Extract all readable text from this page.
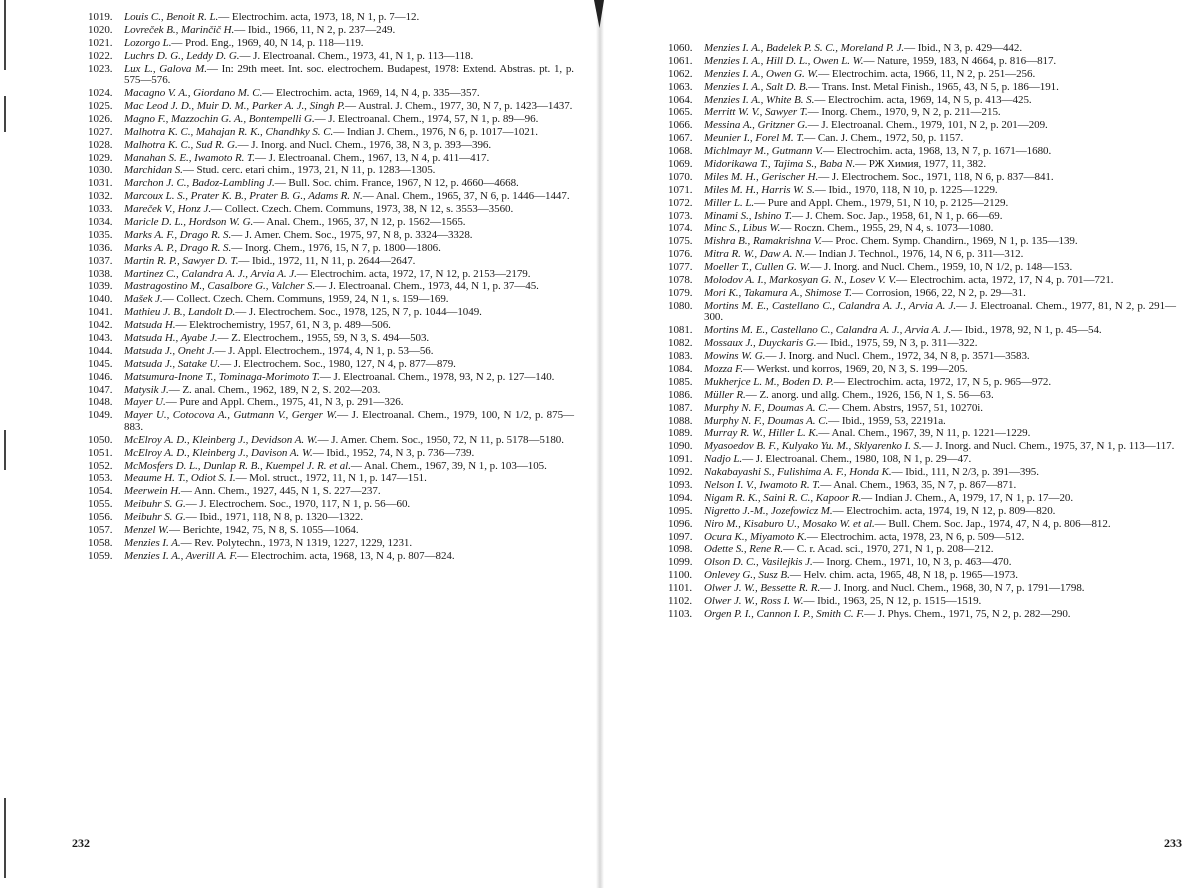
1019.	Louis C., Benoit R. L.— Electrochim. acta, 1973, 18, N 1, p. 7—12.
1020.	Lovreček B., Marinčič H.— Ibid., 1966, 11, N 2, p. 237—249.
1021.	Lozorgo L.— Prod. Eng., 1969, 40, N 14, p. 118—119.
1022.	Luchrs D. G., Leddy D. G.— J. Electroanal. Chem., 1973, 41, N 1, p. 113—118.
1023.	Lux L., Galova M.— In: 29th meet. Int. soc. electrochem. Budapest, 1978: Extend. Abstras. pt. 1, p. 575—576.
1024.	Macagno V. A., Giordano M. C.— Electrochim. acta, 1969, 14, N 4, p. 335—357.
1025.	Mac Leod J. D., Muir D. M., Parker A. J., Singh P.— Austral. J. Chem., 1977, 30, N 7, p. 1423—1437.
1026.	Magno F., Mazzochin G. A., Bontempelli G.— J. Electroanal. Chem., 1974, 57, N 1, p. 89—96.
1027.	Malhotra K. C., Mahajan R. K., Chandhky S. C.— Indian J. Chem., 1976, N 6, p. 1017—1021.
1028.	Malhotra K. C., Sud R. G.— J. Inorg. and Nucl. Chem., 1976, 38, N 3, p. 393—396.
1029.	Manahan S. E., Iwamoto R. T.— J. Electroanal. Chem., 1967, 13, N 4, p. 411—417.
1030.	Marchidan S.— Stud. cerc. etari chim., 1973, 21, N 11, p. 1283—1305.
1031.	Marchon J. C., Badoz-Lambling J.— Bull. Soc. chim. France, 1967, N 12, p. 4660—4668.
1032.	Marcoux L. S., Prater K. B., Prater B. G., Adams R. N.— Anal. Chem., 1965, 37, N 6, p. 1446—1447.
1033.	Mareček V., Honz J.— Collect. Czech. Chem. Communs, 1973, 38, N 12, s. 3553—3560.
1034.	Maricle D. L., Hordson W. G.— Anal. Chem., 1965, 37, N 12, p. 1562—1565.
1035.	Marks A. F., Drago R. S.— J. Amer. Chem. Soc., 1975, 97, N 8, p. 3324—3328.
1036.	Marks A. P., Drago R. S.— Inorg. Chem., 1976, 15, N 7, p. 1800—1806.
1037.	Martin R. P., Sawyer D. T.— Ibid., 1972, 11, N 11, p. 2644—2647.
1038.	Martinez C., Calandra A. J., Arvia A. J.— Electrochim. acta, 1972, 17, N 12, p. 2153—2179.
1039.	Mastragostino M., Casalbore G., Valcher S.— J. Electroanal. Chem., 1973, 44, N 1, p. 37—45.
1040.	Mašek J.— Collect. Czech. Chem. Communs, 1959, 24, N 1, s. 159—169.
1041.	Mathieu J. B., Landolt D.— J. Electrochem. Soc., 1978, 125, N 7, p. 1044—1049.
1042.	Matsuda H.— Elektrochemistry, 1957, 61, N 3, p. 489—506.
1043.	Matsuda H., Ayabe J.— Z. Electrochem., 1955, 59, N 3, S. 494—503.
1044.	Matsuda J., Oneht J.— J. Appl. Electrochem., 1974, 4, N 1, p. 53—56.
1045.	Matsuda J., Satake U.— J. Electrochem. Soc., 1980, 127, N 4, p. 877—879.
1046.	Matsumura-Inone T., Tominaga-Morimoto T.— J. Electroanal. Chem., 1978, 93, N 2, p. 127—140.
1047.	Matysik J.— Z. anal. Chem., 1962, 189, N 2, S. 202—203.
1048.	Mayer U.— Pure and Appl. Chem., 1975, 41, N 3, p. 291—326.
1049.	Mayer U., Cotocova A., Gutmann V., Gerger W.— J. Electroanal. Chem., 1979, 100, N 1/2, p. 875—883.
1050.	McElroy A. D., Kleinberg J., Devidson A. W.— J. Amer. Chem. Soc., 1950, 72, N 11, p. 5178—5180.
1051.	McElroy A. D., Kleinberg J., Davison A. W.— Ibid., 1952, 74, N 3, p. 736—739.
1052.	McMosfers D. L., Dunlap R. B., Kuempel J. R. et al.— Anal. Chem., 1967, 39, N 1, p. 103—105.
1053.	Meaume H. T., Odiot S. I.— Mol. struct., 1972, 11, N 1, p. 147—151.
1054.	Meerwein H.— Ann. Chem., 1927, 445, N 1, S. 227—237.
1055.	Meibuhr S. G.— J. Electrochem. Soc., 1970, 117, N 1, p. 56—60.
1056.	Meibuhr S. G.— Ibid., 1971, 118, N 8, p. 1320—1322.
1057.	Menzel W.— Berichte, 1942, 75, N 8, S. 1055—1064.
1058.	Menzies I. A.— Rev. Polytechn., 1973, N 1319, 1227, 1229, 1231.
1059.	Menzies I. A., Averill A. F.— Electrochim. acta, 1968, 13, N 4, p. 807—824.
232
1060.	Menzies I. A., Badelek P. S. C., Moreland P. J.— Ibid., N 3, p. 429—442.
1061.	Menzies I. A., Hill D. L., Owen L. W.— Nature, 1959, 183, N 4664, p. 816—817.
1062.	Menzies I. A., Owen G. W.— Electrochim. acta, 1966, 11, N 2, p. 251—256.
1063.	Menzies I. A., Salt D. B.— Trans. Inst. Metal Finish., 1965, 43, N 5, p. 186—191.
1064.	Menzies I. A., White B. S.— Electrochim. acta, 1969, 14, N 5, p. 413—425.
1065.	Merritt W. V., Sawyer T.— Inorg. Chem., 1970, 9, N 2, p. 211—215.
1066.	Messina A., Gritzner G.— J. Electroanal. Chem., 1979, 101, N 2, p. 201—209.
1067.	Meunier I., Forel M. T.— Can. J. Chem., 1972, 50, p. 1157.
1068.	Michlmayr M., Gutmann V.— Electrochim. acta, 1968, 13, N 7, p. 1671—1680.
1069.	Midorikawa T., Tajima S., Baba N.— РЖ Химия, 1977, 11, 382.
1070.	Miles M. H., Gerischer H.— J. Electrochem. Soc., 1971, 118, N 6, p. 837—841.
1071.	Miles M. H., Harris W. S.— Ibid., 1970, 118, N 10, p. 1225—1229.
1072.	Miller L. L.— Pure and Appl. Chem., 1979, 51, N 10, p. 2125—2129.
1073.	Minami S., Ishino T.— J. Chem. Soc. Jap., 1958, 61, N 1, p. 66—69.
1074.	Minc S., Libus W.— Roczn. Chem., 1955, 29, N 4, s. 1073—1080.
1075.	Mishra B., Ramakrishna V.— Proc. Chem. Symp. Chandirn., 1969, N 1, p. 135—139.
1076.	Mitra R. W., Daw A. N.— Indian J. Technol., 1976, 14, N 6, p. 311—312.
1077.	Moeller T., Cullen G. W.— J. Inorg. and Nucl. Chem., 1959, 10, N 1/2, p. 148—153.
1078.	Molodov A. I., Markosyan G. N., Losev V. V.— Electrochim. acta, 1972, 17, N 4, p. 701—721.
1079.	Mori K., Takamura A., Shimose T.— Corrosion, 1966, 22, N 2, p. 29—31.
1080.	Mortins M. E., Castellano C., Calandra A. J., Arvia A. J.— J. Electroanal. Chem., 1977, 81, N 2, p. 291—300.
1081.	Mortins M. E., Castellano C., Calandra A. J., Arvia A. J.— Ibid., 1978, 92, N 1, p. 45—54.
1082.	Mossaux J., Duyckaris G.— Ibid., 1975, 59, N 3, p. 311—322.
1083.	Mowins W. G.— J. Inorg. and Nucl. Chem., 1972, 34, N 8, p. 3571—3583.
1084.	Mozza F.— Werkst. und korros, 1969, 20, N 3, S. 199—205.
1085.	Mukherjce L. M., Boden D. P.— Electrochim. acta, 1972, 17, N 5, p. 965—972.
1086.	Müller R.— Z. anorg. und allg. Chem., 1926, 156, N 1, S. 56—63.
1087.	Murphy N. F., Doumas A. C.— Chem. Abstrs, 1957, 51, 10270i.
1088.	Murphy N. F., Doumas A. C.— Ibid., 1959, 53, 22191a.
1089.	Murray R. W., Hiller L. K.— Anal. Chem., 1967, 39, N 11, p. 1221—1229.
1090.	Myasoedov B. F., Kulyako Yu. M., Sklyarenko I. S.— J. Inorg. and Nucl. Chem., 1975, 37, N 1, p. 113—117.
1091.	Nadjo L.— J. Electroanal. Chem., 1980, 108, N 1, p. 29—47.
1092.	Nakabayashi S., Fulishima A. F., Honda K.— Ibid., 111, N 2/3, p. 391—395.
1093.	Nelson I. V., Iwamoto R. T.— Anal. Chem., 1963, 35, N 7, p. 867—871.
1094.	Nigam R. K., Saini R. C., Kapoor R.— Indian J. Chem., A, 1979, 17, N 1, p. 17—20.
1095.	Nigretto J.-M., Jozefowicz M.— Electrochim. acta, 1974, 19, N 12, p. 809—820.
1096.	Niro M., Kisaburo U., Mosako W. et al.— Bull. Chem. Soc. Jap., 1974, 47, N 4, p. 806—812.
1097.	Ocura K., Miyamoto K.— Electrochim. acta, 1978, 23, N 6, p. 509—512.
1098.	Odette S., Rene R.— C. r. Acad. sci., 1970, 271, N 1, p. 208—212.
1099.	Olson D. C., Vasilejkis J.— Inorg. Chem., 1971, 10, N 3, p. 463—470.
1100.	Onlevey G., Susz B.— Helv. chim. acta, 1965, 48, N 18, p. 1965—1973.
1101.	Olwer J. W., Bessette R. R.— J. Inorg. and Nucl. Chem., 1968, 30, N 7, p. 1791—1798.
1102.	Olwer J. W., Ross I. W.— Ibid., 1963, 25, N 12, p. 1515—1519.
1103.	Orgen P. I., Cannon I. P., Smith C. F.— J. Phys. Chem., 1971, 75, N 2, p. 282—290.
233
